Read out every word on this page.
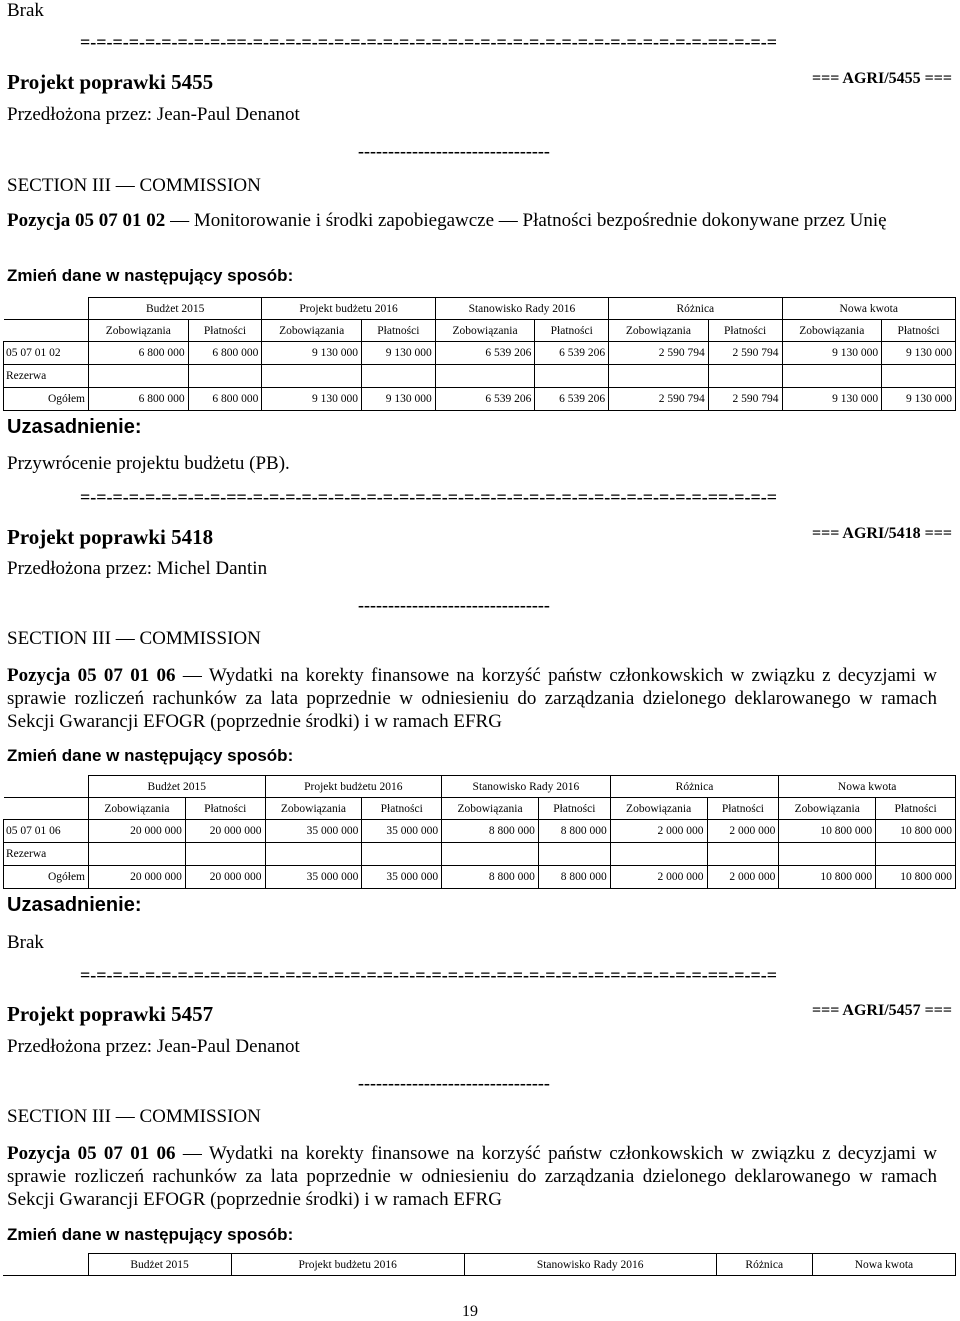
Brak
=-=-=-=-=-=-=-=-=-==-=-=-=-=-=-=-=-=-=-=-=-=-=-=-=-=-=-=-=-=-=-=-=-=-=-=-=-=-==-=-=-=
Projekt poprawki 5455	=== AGRI/5455 ===
Przedłożona przez: Jean-Paul Denanot
--------------------------------
SECTION III — COMMISSION
Pozycja 05 07 01 02 — Monitorowanie i środki zapobiegawcze — Płatności bezpośrednie dokonywane przez Unię
Zmień dane w następujący sposób:
	Budżet 2015		Projekt budżetu 2016		Stanowisko Rady 2016		Różnica		Nowa kwota	
	Zobowiązania	Płatności	Zobowiązania	Płatności	Zobowiązania	Płatności	Zobowiązania	Płatności	Zobowiązania	Płatności
05 07 01 02	6 800 000	6 800 000	9 130 000	9 130 000	6 539 206	6 539 206	2 590 794	2 590 794	9 130 000	9 130 000
Rezerwa										
Ogółem	6 800 000	6 800 000	9 130 000	9 130 000	6 539 206	6 539 206	2 590 794	2 590 794	9 130 000	9 130 000
Uzasadnienie:
Przywrócenie projektu budżetu (PB).
=-=-=-=-=-=-=-=-=-==-=-=-=-=-=-=-=-=-=-=-=-=-=-=-=-=-=-=-=-=-=-=-=-=-=-=-=-=-==-=-=-=
Projekt poprawki 5418	=== AGRI/5418 ===
Przedłożona przez: Michel Dantin
--------------------------------
SECTION III — COMMISSION
Pozycja 05 07 01 06 — Wydatki na korekty finansowe na korzyść państw członkowskich w związku z decyzjami w sprawie rozliczeń rachunków za lata poprzednie w odniesieniu do zarządzania dzielonego deklarowanego w ramach Sekcji Gwarancji EFOGR (poprzednie środki) i w ramach EFRG
Zmień dane w następujący sposób:
	Budżet 2015		Projekt budżetu 2016		Stanowisko Rady 2016		Różnica		Nowa kwota	
	Zobowiązania	Płatności	Zobowiązania	Płatności	Zobowiązania	Płatności	Zobowiązania	Płatności	Zobowiązania	Płatności
05 07 01 06	20 000 000	20 000 000	35 000 000	35 000 000	8 800 000	8 800 000	2 000 000	2 000 000	10 800 000	10 800 000
Rezerwa										
Ogółem	20 000 000	20 000 000	35 000 000	35 000 000	8 800 000	8 800 000	2 000 000	2 000 000	10 800 000	10 800 000
Uzasadnienie:
Brak
=-=-=-=-=-=-=-=-=-==-=-=-=-=-=-=-=-=-=-=-=-=-=-=-=-=-=-=-=-=-=-=-=-=-=-=-=-=-==-=-=-=
Projekt poprawki 5457	=== AGRI/5457 ===
Przedłożona przez: Jean-Paul Denanot
--------------------------------
SECTION III — COMMISSION
Pozycja 05 07 01 06 — Wydatki na korekty finansowe na korzyść państw członkowskich w związku z decyzjami w sprawie rozliczeń rachunków za lata poprzednie w odniesieniu do zarządzania dzielonego deklarowanego w ramach Sekcji Gwarancji EFOGR (poprzednie środki) i w ramach EFRG
Zmień dane w następujący sposób:
	Budżet 2015	Projekt budżetu 2016	Stanowisko Rady 2016	Różnica	Nowa kwota
19
